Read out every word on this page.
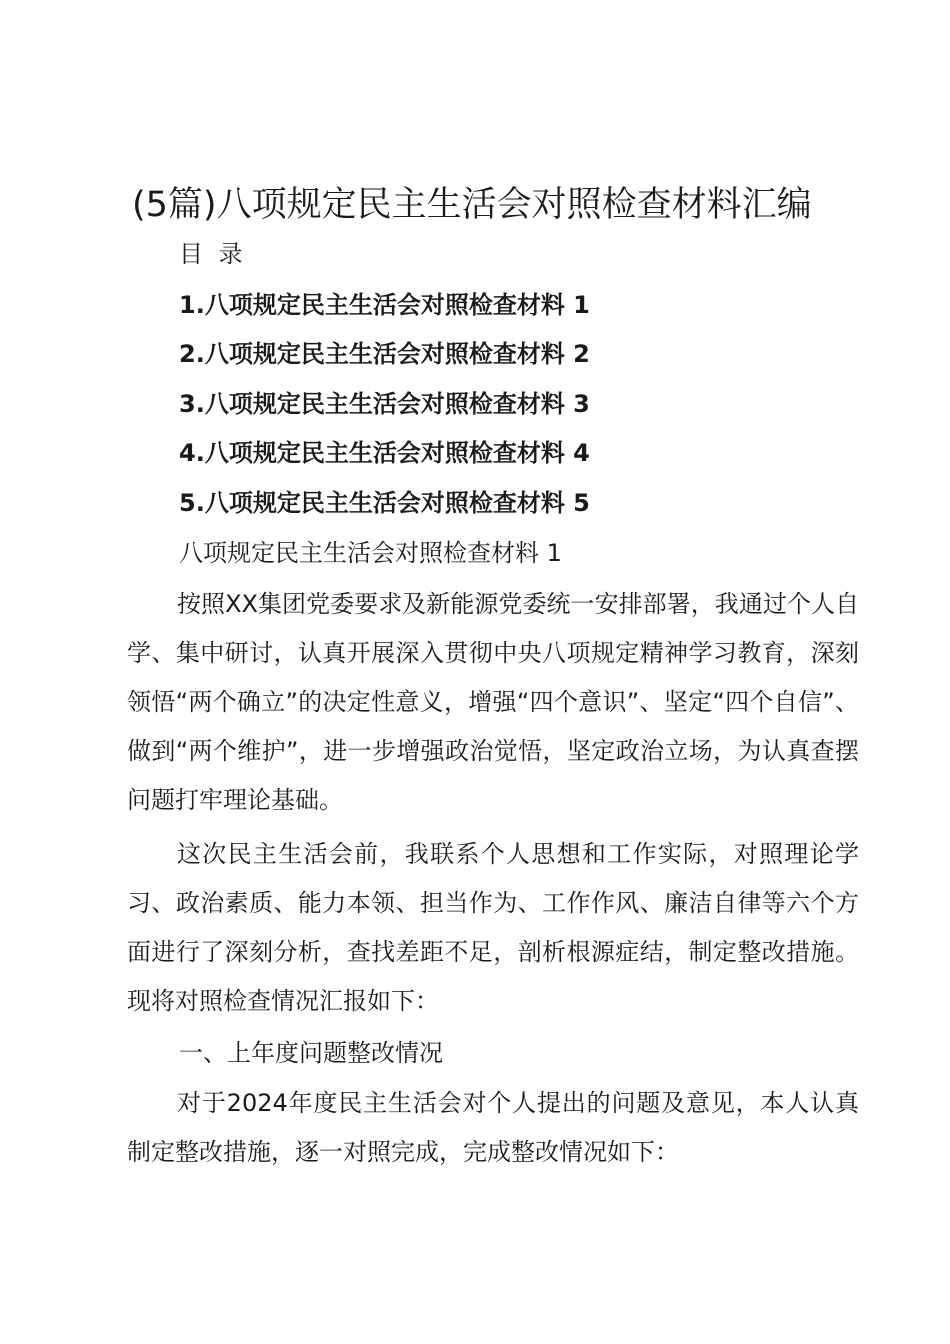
(5篇)八项规定民主生活会对照检查材料汇编
目 录
1.八项规定民主生活会对照检查材料 1
2.八项规定民主生活会对照检查材料 2
3.八项规定民主生活会对照检查材料 3
4.八项规定民主生活会对照检查材料 4
5.八项规定民主生活会对照检查材料 5
八项规定民主生活会对照检查材料 1

按照XX集团党委要求及新能源党委统一安排部署，我通过个人自学、集中研讨，认真开展深入贯彻中央八项规定精神学习教育，深刻领悟“两个确立”的决定性意义，增强“四个意识”、坚定“四个自信”、做到“两个维护”，进一步增强政治觉悟，坚定政治立场，为认真查摆问题打牢理论基础。

这次民主生活会前，我联系个人思想和工作实际，对照理论学习、政治素质、能力本领、担当作为、工作作风、廉洁自律等六个方面进行了深刻分析，查找差距不足，剖析根源症结，制定整改措施。现将对照检查情况汇报如下：

一、上年度问题整改情况

对于2024年度民主生活会对个人提出的问题及意见，本人认真制定整改措施，逐一对照完成，完成整改情况如下：
